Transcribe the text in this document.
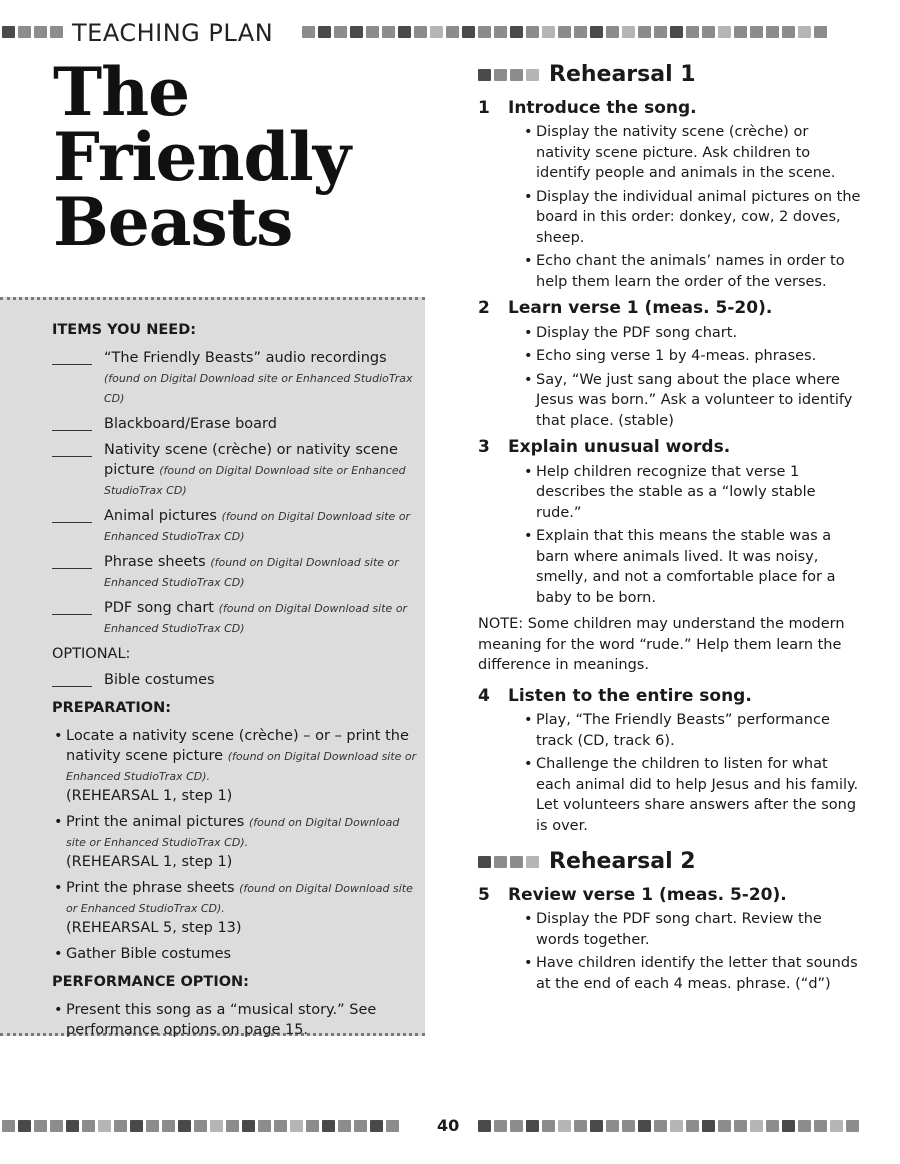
TEACHING PLAN
The
Friendly
Beasts
ITEMS YOU NEED:
“The Friendly Beasts” audio recordings (found on Digital Download site or Enhanced StudioTrax CD)
Blackboard/Erase board
Nativity scene (crèche) or nativity scene picture (found on Digital Download site or Enhanced StudioTrax CD)
Animal pictures (found on Digital Download site or Enhanced StudioTrax CD)
Phrase sheets (found on Digital Download site or Enhanced StudioTrax CD)
PDF song chart (found on Digital Download site or Enhanced StudioTrax CD)
OPTIONAL:
Bible costumes
PREPARATION:
• Locate a nativity scene (crèche) – or – print the nativity scene picture (found on Digital Download site or Enhanced StudioTrax CD).
(REHEARSAL 1, step 1)
• Print the animal pictures (found on Digital Download site or Enhanced StudioTrax CD).
(REHEARSAL 1, step 1)
• Print the phrase sheets (found on Digital Download site or Enhanced StudioTrax CD).
(REHEARSAL 5, step 13)
• Gather Bible costumes
PERFORMANCE OPTION:
• Present this song as a “musical story.” See performance options on page 15.
Rehearsal 1
1	Introduce the song.
• Display the nativity scene (crèche) or nativity scene picture. Ask children to identify people and animals in the scene.
• Display the individual animal pictures on the board in this order: donkey, cow, 2 doves, sheep.
• Echo chant the animals’ names in order to help them learn the order of the verses.
2	Learn verse 1 (meas. 5-20).
• Display the PDF song chart.
• Echo sing verse 1 by 4-meas. phrases.
• Say, “We just sang about the place where Jesus was born.” Ask a volunteer to identify that place. (stable)
3	Explain unusual words.
• Help children recognize that verse 1 describes the stable as a “lowly stable rude.”
• Explain that this means the stable was a barn where animals lived. It was noisy, smelly, and not a comfortable place for a baby to be born.
NOTE: Some children may understand the modern meaning for the word “rude.” Help them learn the difference in meanings.
4	Listen to the entire song.
• Play, “The Friendly Beasts” performance track (CD, track 6).
• Challenge the children to listen for what each animal did to help Jesus and his family. Let volunteers share answers after the song is over.
Rehearsal 2
5	Review verse 1 (meas. 5-20).
• Display the PDF song chart. Review the words together.
• Have children identify the letter that sounds at the end of each 4 meas. phrase. (“d”)
40
